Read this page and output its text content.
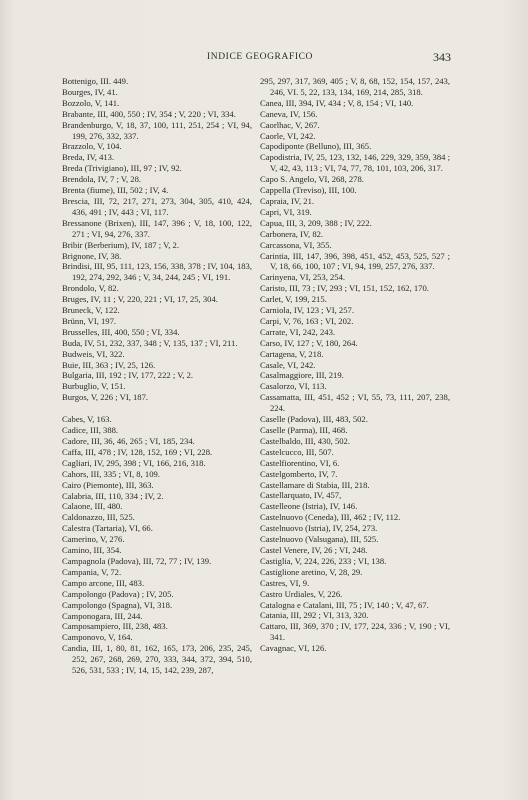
INDICE GEOGRAFICO	343
Bottenigo, III. 449.
Bourges, IV, 41.
Bozzolo, V, 141.
Brabante, III, 400, 550 ; IV, 354 ; V, 220 ; VI, 334.
Brandenburgo, V, 18, 37, 100, 111, 251, 254 ; VI, 94, 199, 276, 332, 337.
Brazzolo, V, 104.
Breda, IV, 413.
Breda (Trivigiano), III, 97 ; IV, 92.
Brendola, IV, 7 ; V, 28.
Brenta (fiume), III, 502 ; IV, 4.
Brescia, III, 72, 217, 271, 273, 304, 305, 410, 424, 436, 491 ; IV, 443 ; VI, 117.
Bressanone (Brixen), III, 147, 396 ; V, 18, 100, 122, 271 ; VI, 94, 276, 337.
Bribir (Berberium), IV, 187 ; V, 2.
Brignone, IV, 38.
Brindisi, III, 95, 111, 123, 156, 338, 378 ; IV, 104, 183, 192, 274, 292, 346 ; V, 34, 244, 245 ; VI, 191.
Brondolo, V, 82.
Bruges, IV, 11 ; V, 220, 221 ; VI, 17, 25, 304.
Bruneck, V, 122.
Brünn, VI, 197.
Brusselles, III, 400, 550 ; VI, 334.
Buda, IV, 51, 232, 337, 348 ; V, 135, 137 ; VI, 211.
Budweis, VI, 322.
Buie, III, 363 ; IV, 25, 126.
Bulgaria, III, 192 ; IV, 177, 222 ; V, 2.
Burbuglio, V, 151.
Burgos, V, 226 ; VI, 187.
Cabes, V, 163.
Cadice, III, 388.
Cadore, III, 36, 46, 265 ; VI, 185, 234.
Caffa, III, 478 ; IV, 128, 152, 169 ; VI, 228.
Cagliari, IV, 295, 398 ; VI, 166, 216, 318.
Cahors, III, 335 ; VI, 8, 109.
Cairo (Piemonte), III, 363.
Calabria, III, 110, 334 ; IV, 2.
Calaone, III, 480.
Caldonazzo, III, 525.
Calestra (Tartaria), VI, 66.
Camerino, V, 276.
Camino, III, 354.
Campagnola (Padova), III, 72, 77 ; IV, 139.
Campania, V, 72.
Campo arcone, III, 483.
Campolongo (Padova) ; IV, 205.
Campolongo (Spagna), VI, 318.
Camponogara, III, 244.
Camposampiero, III, 238, 483.
Camponovo, V, 164.
Candia, III, 1, 80, 81, 162, 165, 173, 206, 235, 245, 252, 267, 268, 269, 270, 333, 344, 372, 394, 510, 526, 531, 533 ; IV, 14, 15, 142, 239, 287,
295, 297, 317, 369, 405 ; V, 8, 68, 152, 154, 157, 243, 246, VI. 5, 22, 133, 134, 169, 214, 285, 318.
Canea, III, 394, IV, 434 ; V, 8, 154 ; VI, 140.
Caneva, IV, 156.
Caorlhac, V, 267.
Caorle, VI, 242.
Capodiponte (Belluno), III, 365.
Capodistria, IV, 25, 123, 132, 146, 229, 329, 359, 384 ; V, 42, 43, 113 ; VI, 74, 77, 78, 101, 103, 206, 317.
Capo S. Angelo, VI, 268, 278.
Cappella (Treviso), III, 100.
Capraia, IV, 21.
Capri, VI, 319.
Capua, III, 3, 209, 388 ; IV, 222.
Carbonera, IV, 82.
Carcassona, VI, 355.
Carintia, III, 147, 396, 398, 451, 452, 453, 525, 527 ; V, 18, 66, 100, 107 ; VI, 94, 199, 257, 276, 337.
Carinyena, VI, 253, 254.
Caristo, III, 73 ; IV, 293 ; VI, 151, 152, 162, 170.
Carlet, V, 199, 215.
Carniola, IV, 123 ; VI, 257.
Carpi, V, 76, 163 ; VI, 202.
Carrate, VI, 242, 243.
Carso, IV, 127 ; V, 180, 264.
Cartagena, V, 218.
Casale, VI, 242.
Casalmaggiore, III, 219.
Casalorzo, VI, 113.
Cassamatta, III, 451, 452 ; VI, 55, 73, 111, 207, 238, 224.
Caselle (Padova), III, 483, 502.
Caselle (Parma), III, 468.
Castelbaldo, III, 430, 502.
Castelcucco, III, 507.
Castelfiorentino, VI, 6.
Castelgomberto, IV, 7.
Castellamare di Stabia, III, 218.
Castellarquato, IV, 457,
Castelleone (Istria), IV, 146.
Castelnuovo (Ceneda), III, 462 ; IV, 112.
Castelnuovo (Istria), IV, 254, 273.
Castelnuovo (Valsugana), III, 525.
Castel Venere, IV, 26 ; VI, 248.
Castiglia, V, 224, 226, 233 ; VI, 138.
Castiglione aretino, V, 28, 29.
Castres, VI, 9.
Castro Urdiales, V, 226.
Catalogna e Catalani, III, 75 ; IV, 140 ; V, 47, 67.
Catania, III, 292 ; VI, 313, 320.
Cattaro, III, 369, 370 ; IV, 177, 224, 336 ; V, 190 ; VI, 341.
Cavagnac, VI, 126.
